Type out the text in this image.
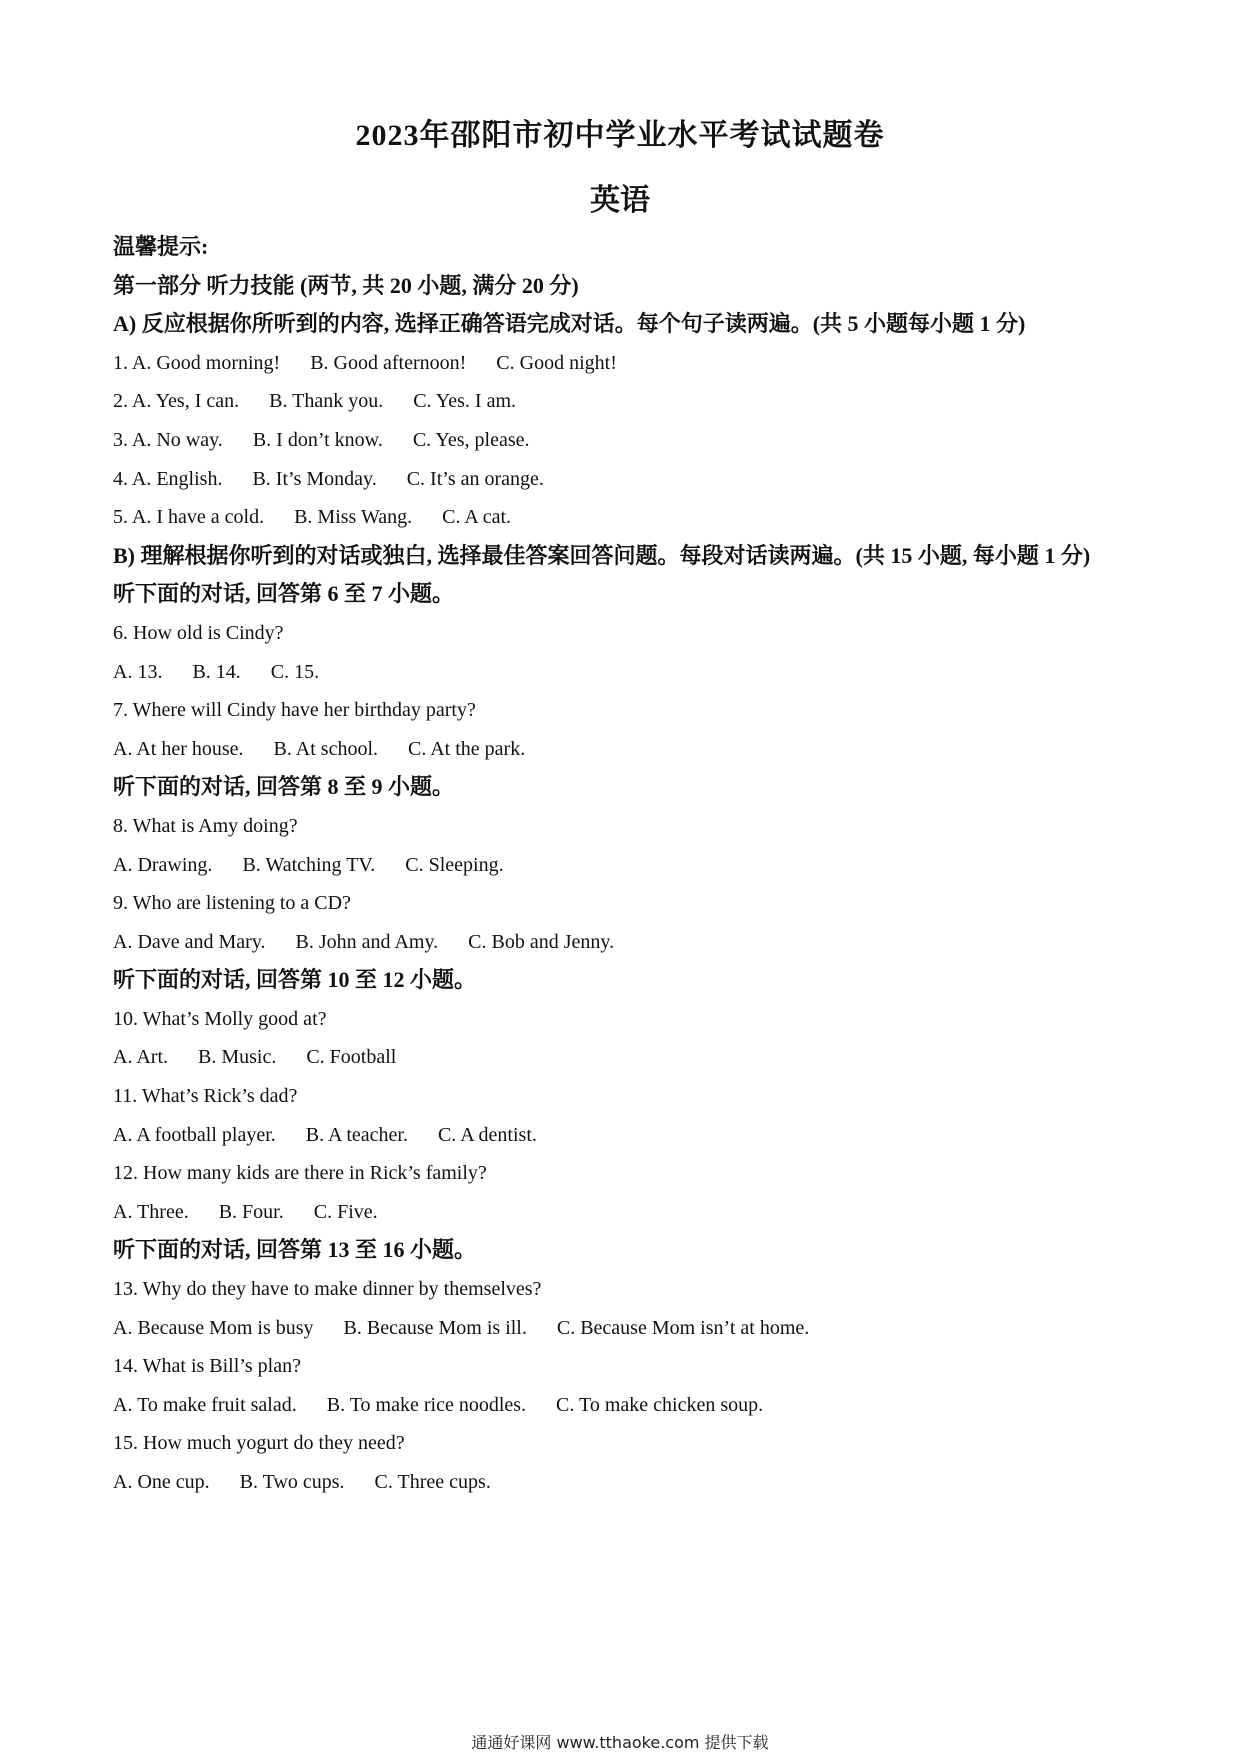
2023年邵阳市初中学业水平考试试题卷
英语
温馨提示:
第一部分 听力技能 (两节, 共 20 小题, 满分 20 分)
A) 反应根据你所听到的内容, 选择正确答语完成对话。每个句子读两遍。(共 5 小题每小题 1 分)
1. A. Good morning! B. Good afternoon! C. Good night!
2. A. Yes, I can. B. Thank you. C. Yes. I am.
3. A. No way. B. I don’t know. C. Yes, please.
4. A. English. B. It’s Monday. C. It’s an orange.
5. A. I have a cold. B. Miss Wang. C. A cat.
B) 理解根据你听到的对话或独白, 选择最佳答案回答问题。每段对话读两遍。(共 15 小题, 每小题 1 分)
听下面的对话, 回答第 6 至 7 小题。
6. How old is Cindy?
A. 13. B. 14. C. 15.
7. Where will Cindy have her birthday party?
A. At her house. B. At school. C. At the park.
听下面的对话, 回答第 8 至 9 小题。
8. What is Amy doing?
A. Drawing. B. Watching TV. C. Sleeping.
9. Who are listening to a CD?
A. Dave and Mary. B. John and Amy. C. Bob and Jenny.
听下面的对话, 回答第 10 至 12 小题。
10. What’s Molly good at?
A. Art. B. Music. C. Football
11. What’s Rick’s dad?
A. A football player. B. A teacher. C. A dentist.
12. How many kids are there in Rick’s family?
A. Three. B. Four. C. Five.
听下面的对话, 回答第 13 至 16 小题。
13. Why do they have to make dinner by themselves?
A. Because Mom is busy B. Because Mom is ill. C. Because Mom isn’t at home.
14. What is Bill’s plan?
A. To make fruit salad. B. To make rice noodles. C. To make chicken soup.
15. How much yogurt do they need?
A. One cup. B. Two cups. C. Three cups.
通通好课网 www.tthaoke.com 提供下载
